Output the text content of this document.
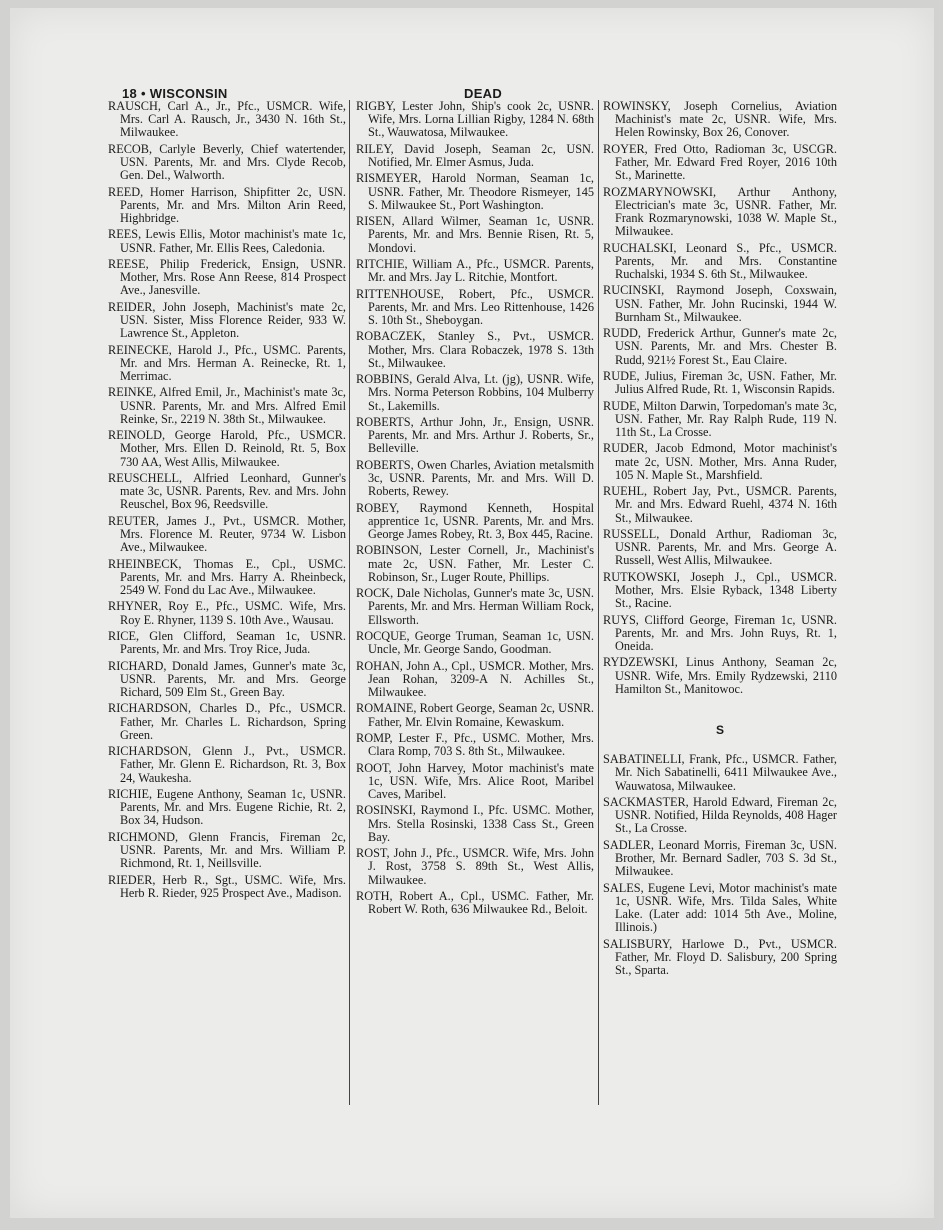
18 • WISCONSIN	DEAD

RAUSCH, Carl A., Jr., Pfc., USMCR. Wife, Mrs. Carl A. Rausch, Jr., 3430 N. 16th St., Milwaukee.

RECOB, Carlyle Beverly, Chief watertender, USN. Parents, Mr. and Mrs. Clyde Recob, Gen. Del., Walworth.

REED, Homer Harrison, Shipfitter 2c, USN. Parents, Mr. and Mrs. Milton Arin Reed, Highbridge.

REES, Lewis Ellis, Motor machinist's mate 1c, USNR. Father, Mr. Ellis Rees, Caledonia.

REESE, Philip Frederick, Ensign, USNR. Mother, Mrs. Rose Ann Reese, 814 Prospect Ave., Janesville.

REIDER, John Joseph, Machinist's mate 2c, USN. Sister, Miss Florence Reider, 933 W. Lawrence St., Appleton.

REINECKE, Harold J., Pfc., USMC. Parents, Mr. and Mrs. Herman A. Reinecke, Rt. 1, Merrimac.

REINKE, Alfred Emil, Jr., Machinist's mate 3c, USNR. Parents, Mr. and Mrs. Alfred Emil Reinke, Sr., 2219 N. 38th St., Milwaukee.

REINOLD, George Harold, Pfc., USMCR. Mother, Mrs. Ellen D. Reinold, Rt. 5, Box 730 AA, West Allis, Milwaukee.

REUSCHELL, Alfried Leonhard, Gunner's mate 3c, USNR. Parents, Rev. and Mrs. John Reuschel, Box 96, Reedsville.

REUTER, James J., Pvt., USMCR. Mother, Mrs. Florence M. Reuter, 9734 W. Lisbon Ave., Milwaukee.

RHEINBECK, Thomas E., Cpl., USMC. Parents, Mr. and Mrs. Harry A. Rheinbeck, 2549 W. Fond du Lac Ave., Milwaukee.

RHYNER, Roy E., Pfc., USMC. Wife, Mrs. Roy E. Rhyner, 1139 S. 10th Ave., Wausau.

RICE, Glen Clifford, Seaman 1c, USNR. Parents, Mr. and Mrs. Troy Rice, Juda.

RICHARD, Donald James, Gunner's mate 3c, USNR. Parents, Mr. and Mrs. George Richard, 509 Elm St., Green Bay.

RICHARDSON, Charles D., Pfc., USMCR. Father, Mr. Charles L. Richardson, Spring Green.

RICHARDSON, Glenn J., Pvt., USMCR. Father, Mr. Glenn E. Richardson, Rt. 3, Box 24, Waukesha.

RICHIE, Eugene Anthony, Seaman 1c, USNR. Parents, Mr. and Mrs. Eugene Richie, Rt. 2, Box 34, Hudson.

RICHMOND, Glenn Francis, Fireman 2c, USNR. Parents, Mr. and Mrs. William P. Richmond, Rt. 1, Neillsville.

RIEDER, Herb R., Sgt., USMC. Wife, Mrs. Herb R. Rieder, 925 Prospect Ave., Madison.

RIGBY, Lester John, Ship's cook 2c, USNR. Wife, Mrs. Lorna Lillian Rigby, 1284 N. 68th St., Wauwatosa, Milwaukee.

RILEY, David Joseph, Seaman 2c, USN. Notified, Mr. Elmer Asmus, Juda.

RISMEYER, Harold Norman, Seaman 1c, USNR. Father, Mr. Theodore Rismeyer, 145 S. Milwaukee St., Port Washington.

RISEN, Allard Wilmer, Seaman 1c, USNR. Parents, Mr. and Mrs. Bennie Risen, Rt. 5, Mondovi.

RITCHIE, William A., Pfc., USMCR. Parents, Mr. and Mrs. Jay L. Ritchie, Montfort.

RITTENHOUSE, Robert, Pfc., USMCR. Parents, Mr. and Mrs. Leo Rittenhouse, 1426 S. 10th St., Sheboygan.

ROBACZEK, Stanley S., Pvt., USMCR. Mother, Mrs. Clara Robaczek, 1978 S. 13th St., Milwaukee.

ROBBINS, Gerald Alva, Lt. (jg), USNR. Wife, Mrs. Norma Peterson Robbins, 104 Mulberry St., Lakemills.

ROBERTS, Arthur John, Jr., Ensign, USNR. Parents, Mr. and Mrs. Arthur J. Roberts, Sr., Belleville.

ROBERTS, Owen Charles, Aviation metalsmith 3c, USNR. Parents, Mr. and Mrs. Will D. Roberts, Rewey.

ROBEY, Raymond Kenneth, Hospital apprentice 1c, USNR. Parents, Mr. and Mrs. George James Robey, Rt. 3, Box 445, Racine.

ROBINSON, Lester Cornell, Jr., Machinist's mate 2c, USN. Father, Mr. Lester C. Robinson, Sr., Luger Route, Phillips.

ROCK, Dale Nicholas, Gunner's mate 3c, USN. Parents, Mr. and Mrs. Herman William Rock, Ellsworth.

ROCQUE, George Truman, Seaman 1c, USN. Uncle, Mr. George Sando, Goodman.

ROHAN, John A., Cpl., USMCR. Mother, Mrs. Jean Rohan, 3209-A N. Achilles St., Milwaukee.

ROMAINE, Robert George, Seaman 2c, USNR. Father, Mr. Elvin Romaine, Kewaskum.

ROMP, Lester F., Pfc., USMC. Mother, Mrs. Clara Romp, 703 S. 8th St., Milwaukee.

ROOT, John Harvey, Motor machinist's mate 1c, USN. Wife, Mrs. Alice Root, Maribel Caves, Maribel.

ROSINSKI, Raymond I., Pfc. USMC. Mother, Mrs. Stella Rosinski, 1338 Cass St., Green Bay.

ROST, John J., Pfc., USMCR. Wife, Mrs. John J. Rost, 3758 S. 89th St., West Allis, Milwaukee.

ROTH, Robert A., Cpl., USMC. Father, Mr. Robert W. Roth, 636 Milwaukee Rd., Beloit.

ROWINSKY, Joseph Cornelius, Aviation Machinist's mate 2c, USNR. Wife, Mrs. Helen Rowinsky, Box 26, Conover.

ROYER, Fred Otto, Radioman 3c, USCGR. Father, Mr. Edward Fred Royer, 2016 10th St., Marinette.

ROZMARYNOWSKI, Arthur Anthony, Electrician's mate 3c, USNR. Father, Mr. Frank Rozmarynowski, 1038 W. Maple St., Milwaukee.

RUCHALSKI, Leonard S., Pfc., USMCR. Parents, Mr. and Mrs. Constantine Ruchalski, 1934 S. 6th St., Milwaukee.

RUCINSKI, Raymond Joseph, Coxswain, USN. Father, Mr. John Rucinski, 1944 W. Burnham St., Milwaukee.

RUDD, Frederick Arthur, Gunner's mate 2c, USN. Parents, Mr. and Mrs. Chester B. Rudd, 921½ Forest St., Eau Claire.

RUDE, Julius, Fireman 3c, USN. Father, Mr. Julius Alfred Rude, Rt. 1, Wisconsin Rapids.

RUDE, Milton Darwin, Torpedoman's mate 3c, USN. Father, Mr. Ray Ralph Rude, 119 N. 11th St., La Crosse.

RUDER, Jacob Edmond, Motor machinist's mate 2c, USN. Mother, Mrs. Anna Ruder, 105 N. Maple St., Marshfield.

RUEHL, Robert Jay, Pvt., USMCR. Parents, Mr. and Mrs. Edward Ruehl, 4374 N. 16th St., Milwaukee.

RUSSELL, Donald Arthur, Radioman 3c, USNR. Parents, Mr. and Mrs. George A. Russell, West Allis, Milwaukee.

RUTKOWSKI, Joseph J., Cpl., USMCR. Mother, Mrs. Elsie Ryback, 1348 Liberty St., Racine.

RUYS, Clifford George, Fireman 1c, USNR. Parents, Mr. and Mrs. John Ruys, Rt. 1, Oneida.

RYDZEWSKI, Linus Anthony, Seaman 2c, USNR. Wife, Mrs. Emily Rydzewski, 2110 Hamilton St., Manitowoc.

S

SABATINELLI, Frank, Pfc., USMCR. Father, Mr. Nich Sabatinelli, 6411 Milwaukee Ave., Wauwatosa, Milwaukee.

SACKMASTER, Harold Edward, Fireman 2c, USNR. Notified, Hilda Reynolds, 408 Hager St., La Crosse.

SADLER, Leonard Morris, Fireman 3c, USN. Brother, Mr. Bernard Sadler, 703 S. 3d St., Milwaukee.

SALES, Eugene Levi, Motor machinist's mate 1c, USNR. Wife, Mrs. Tilda Sales, White Lake. (Later add: 1014 5th Ave., Moline, Illinois.)

SALISBURY, Harlowe D., Pvt., USMCR. Father, Mr. Floyd D. Salisbury, 200 Spring St., Sparta.
